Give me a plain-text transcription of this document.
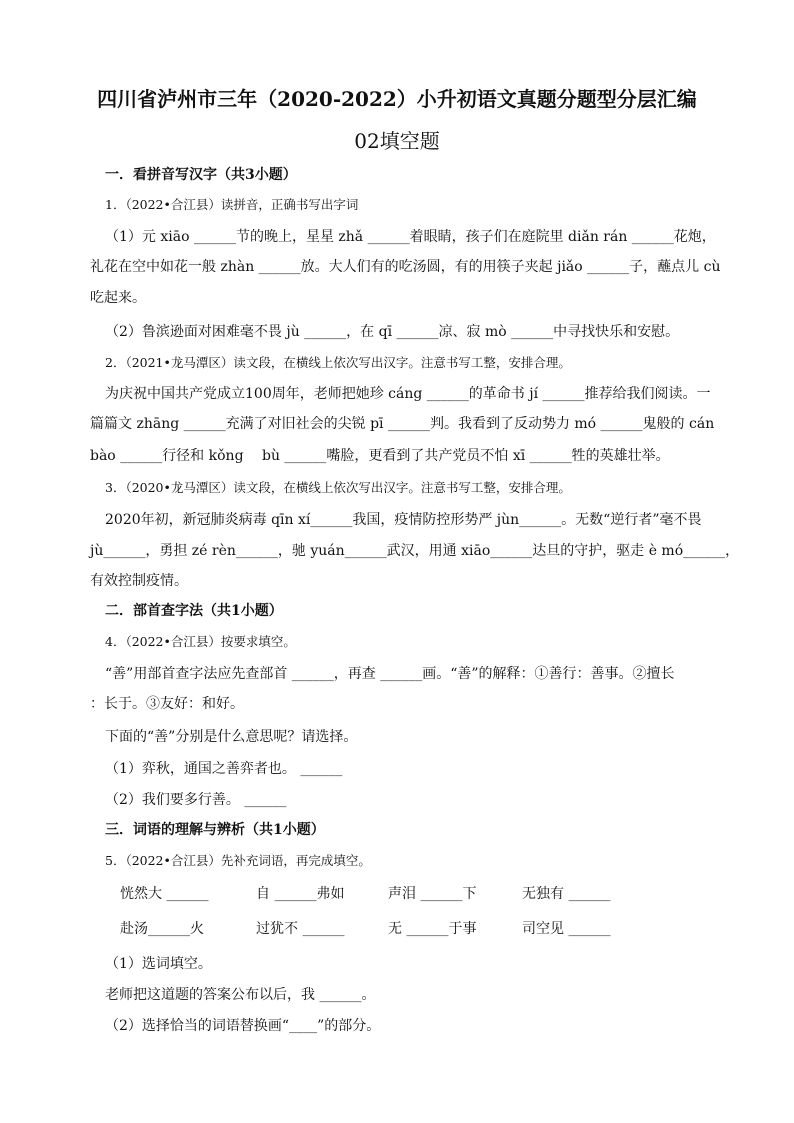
四川省泸州市三年（2020-2022）小升初语文真题分题型分层汇编
02填空题
一．看拼音写汉字（共3小题）
1．（2022•合江县）读拼音，正确书写出字词
（1）元 xiāo ______节的晚上，星星 zhǎ ______着眼睛，孩子们在庭院里 diǎn rán ______花炮，
礼花在空中如花一般 zhàn ______放。大人们有的吃汤圆，有的用筷子夹起 jiǎo ______子，蘸点儿 cù
吃起来。
（2）鲁滨逊面对困难毫不畏 jù ______，在 qī ______凉、寂 mò ______中寻找快乐和安慰。
2．（2021•龙马潭区）读文段，在横线上依次写出汉字。注意书写工整，安排合理。
为庆祝中国共产党成立100周年，老师把她珍 cáng ______的革命书 jí ______推荐给我们阅读。一
篇篇文 zhāng ______充满了对旧社会的尖锐 pī ______判。我看到了反动势力 mó ______鬼般的 cán
bào ______行径和 kǒng　 bù ______嘴脸，更看到了共产党员不怕 xī ______牲的英雄壮举。
3．（2020•龙马潭区）读文段，在横线上依次写出汉字。注意书写工整，安排合理。
2020年初，新冠肺炎病毒 qīn xí______我国，疫情防控形势严 jùn______。无数“逆行者”毫不畏
jù______，勇担 zé rèn______，驰 yuán______武汉，用通 xiāo______达旦的守护，驱走 è mó______，
有效控制疫情。
二．部首查字法（共1小题）
4．（2022•合江县）按要求填空。
“善”用部首查字法应先查部首 ______，再查 ______画。“善”的解释：①善行：善事。②擅长
：长于。③友好：和好。
下面的“善”分别是什么意思呢？请选择。
（1）弈秋，通国之善弈者也。 ______
（2）我们要多行善。 ______
三．词语的理解与辨析（共1小题）
5．（2022•合江县）先补充词语，再完成填空。
恍然大 ______	自 ______弗如	声泪 ______下	无独有 ______
赴汤______火	过犹不 ______	无 ______于事	司空见 ______
（1）选词填空。
老师把这道题的答案公布以后，我 ______。
（2）选择恰当的词语替换画“____”的部分。
